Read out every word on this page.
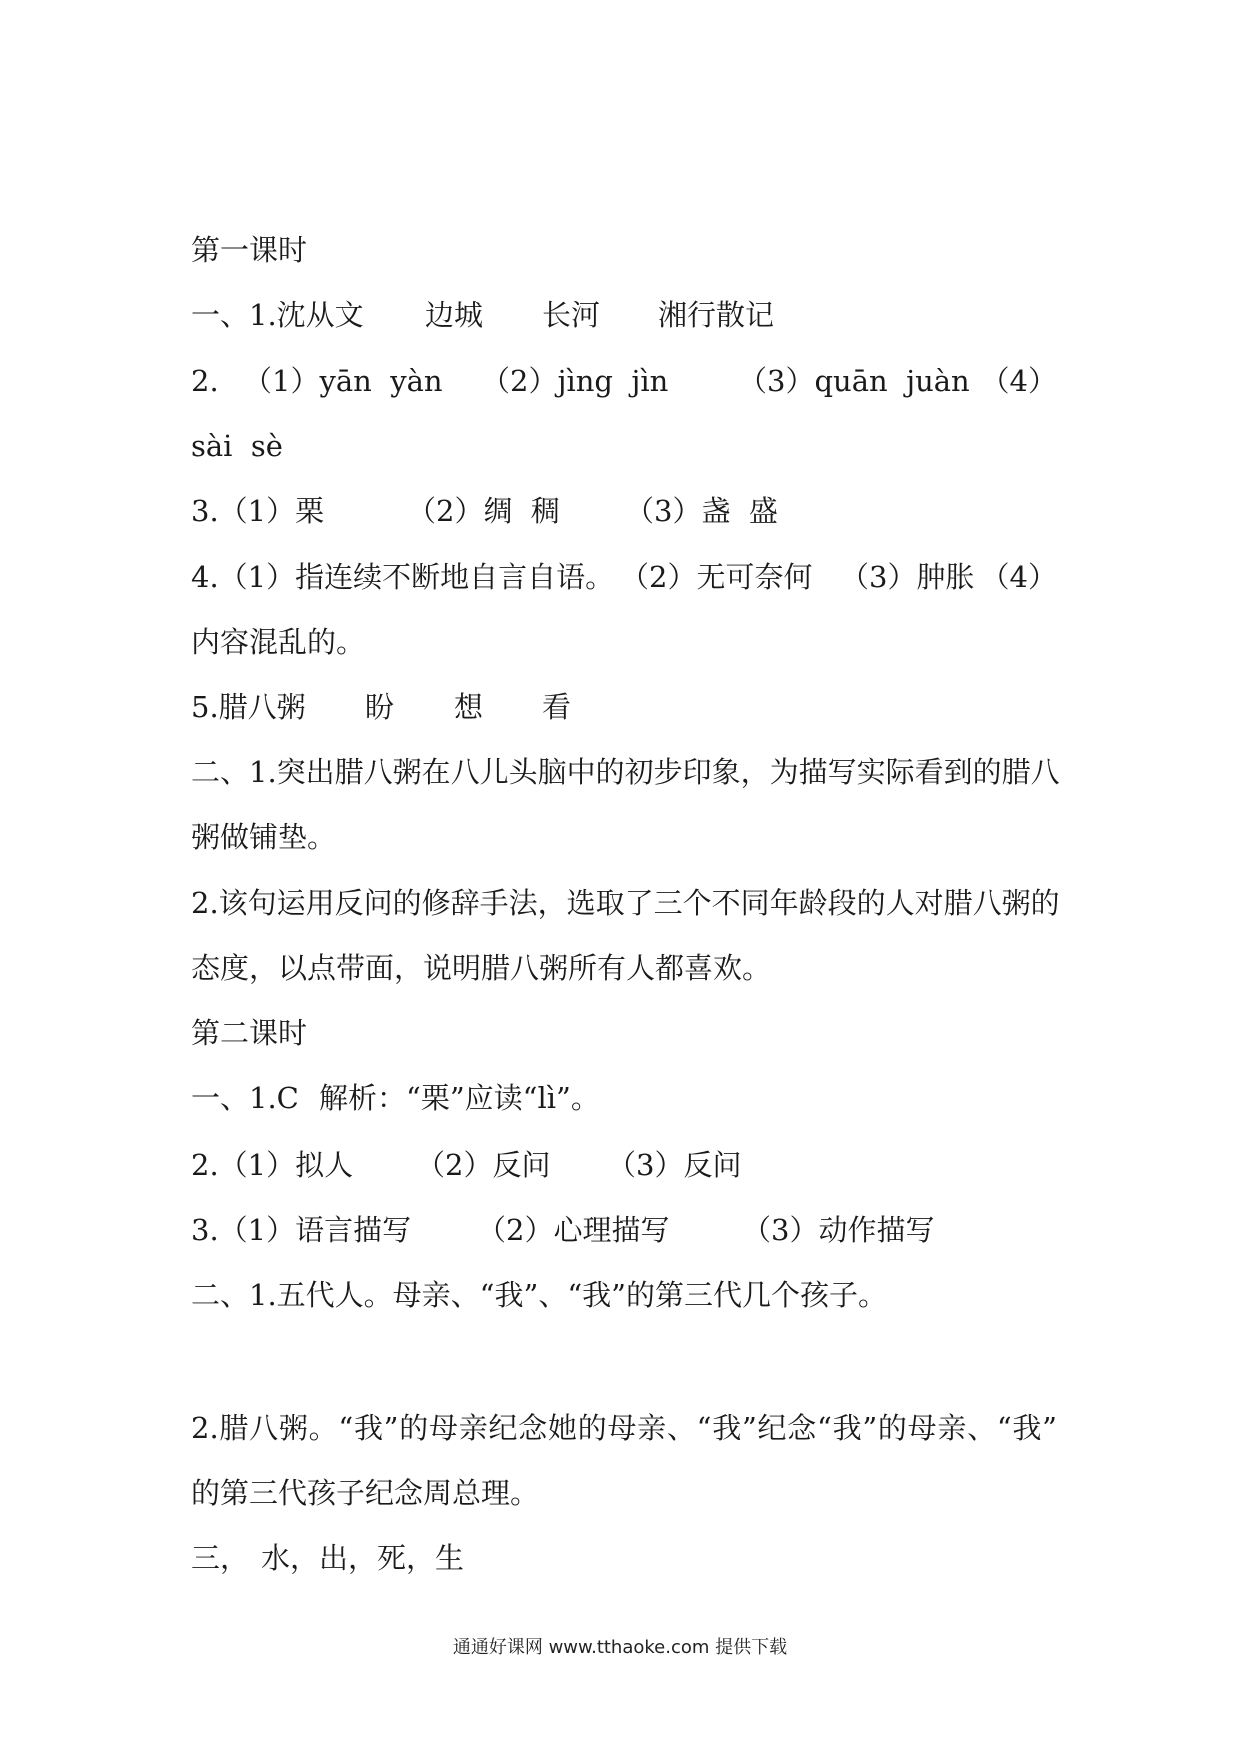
第一课时
一、1.沈从文 边城 长河 湘行散记
2. （1）yān  yàn （2）jìng  jìn （3）quān  juàn （4）
sài  sè
3.（1）栗	（2）绸  稠 （3）盏  盛
4.（1）指连续不断地自言自语。 （2）无可奈何 （3）肿胀 （4）
内容混乱的。
5.腊八粥 盼 想 看
二、1.突出腊八粥在八儿头脑中的初步印象，为描写实际看到的腊八
粥做铺垫。
2.该句运用反问的修辞手法，选取了三个不同年龄段的人对腊八粥的
态度，以点带面，说明腊八粥所有人都喜欢。
第二课时
一、1.C 解析：“栗”应读“lì”。
2.（1）拟人 （2）反问 （3）反问
3.（1）语言描写 （2）心理描写	（3）动作描写
二、1.五代人。母亲、“我”、“我”的第三代几个孩子。
2.腊八粥。“我”的母亲纪念她的母亲、“我”纪念“我”的母亲、“我”
的第三代孩子纪念周总理。
三， 水，出，死，生
通通好课网 www.tthaoke.com 提供下载
